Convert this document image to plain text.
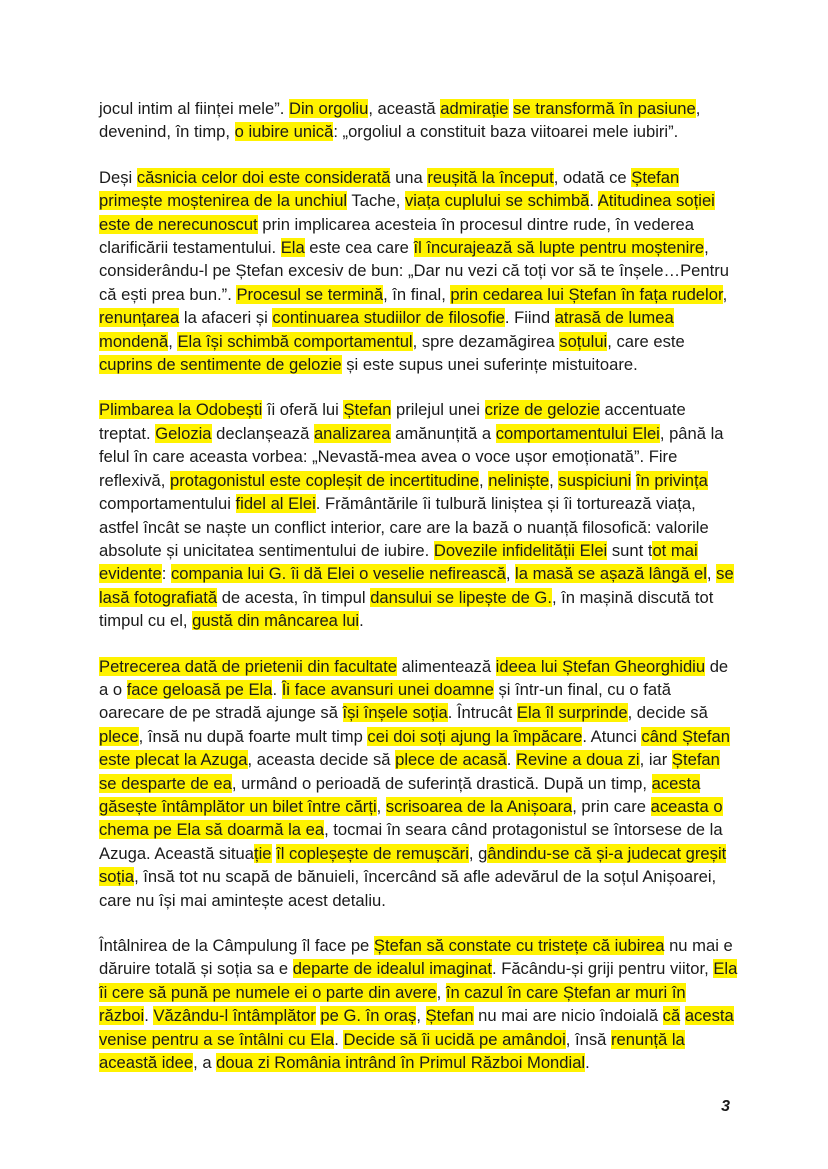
jocul intim al ființei mele”. Din orgoliu, această admirație se transformă în pasiune, devenind, în timp, o iubire unică: „orgoliul a constituit baza viitoarei mele iubiri”.

Deși căsnicia celor doi este considerată una reușită la început, odată ce Ștefan primește moștenirea de la unchiul Tache, viața cuplului se schimbă. Atitudinea soției este de nerecunoscut prin implicarea acesteia în procesul dintre rude, în vederea clarificării testamentului. Ela este cea care îl încurajează să lupte pentru moștenire, considerându-l pe Ștefan excesiv de bun: „Dar nu vezi că toți vor să te înșele…Pentru că ești prea bun.”. Procesul se termină, în final, prin cedarea lui Ștefan în fața rudelor, renunțarea la afaceri și continuarea studiilor de filosofie. Fiind atrasă de lumea mondenă, Ela își schimbă comportamentul, spre dezamăgirea soțului, care este cuprins de sentimente de gelozie și este supus unei suferințe mistuitoare.

Plimbarea la Odobești îi oferă lui Ștefan prilejul unei crize de gelozie accentuate treptat. Gelozia declanșează analizarea amănunțită a comportamentului Elei, până la felul în care aceasta vorbea: „Nevastă-mea avea o voce ușor emoționată”. Fire reflexivă, protagonistul este copleșit de incertitudine, neliniște, suspiciuni în privința comportamentului fidel al Elei. Frământările îi tulbură liniștea și îi torturează viața, astfel încât se naște un conflict interior, care are la bază o nuanță filosofică: valorile absolute și unicitatea sentimentului de iubire. Dovezile infidelității Elei sunt tot mai evidente: compania lui G. îi dă Elei o veselie nefirească, la masă se așază lângă el, se lasă fotografiată de acesta, în timpul dansului se lipește de G., în mașină discută tot timpul cu el, gustă din mâncarea lui.

Petrecerea dată de prietenii din facultate alimentează ideea lui Ștefan Gheorghidiu de a o face geloasă pe Ela. Îi face avansuri unei doamne și într-un final, cu o fată oarecare de pe stradă ajunge să își înșele soția. Întrucât Ela îl surprinde, decide să plece, însă nu după foarte mult timp cei doi soți ajung la împăcare. Atunci când Ștefan este plecat la Azuga, aceasta decide să plece de acasă. Revine a doua zi, iar Ștefan se desparte de ea, urmând o perioadă de suferință drastică. După un timp, acesta găsește întâmplător un bilet între cărți, scrisoarea de la Anișoara, prin care aceasta o chema pe Ela să doarmă la ea, tocmai în seara când protagonistul se întorsese de la Azuga. Această situație îl copleșește de remușcări, gândindu-se că și-a judecat greșit soția, însă tot nu scapă de bănuieli, încercând să afle adevărul de la soțul Anișoarei, care nu își mai amintește acest detaliu.

Întâlnirea de la Câmpulung îl face pe Ștefan să constate cu tristețe că iubirea nu mai e dăruire totală și soția sa e departe de idealul imaginat. Făcându-și griji pentru viitor, Ela îi cere să pună pe numele ei o parte din avere, în cazul în care Ștefan ar muri în război. Văzându-l întâmplător pe G. în oraș, Ștefan nu mai are nicio îndoială că acesta venise pentru a se întâlni cu Ela. Decide să îi ucidă pe amândoi, însă renunță la această idee, a doua zi România intrând în Primul Război Mondial.

3
